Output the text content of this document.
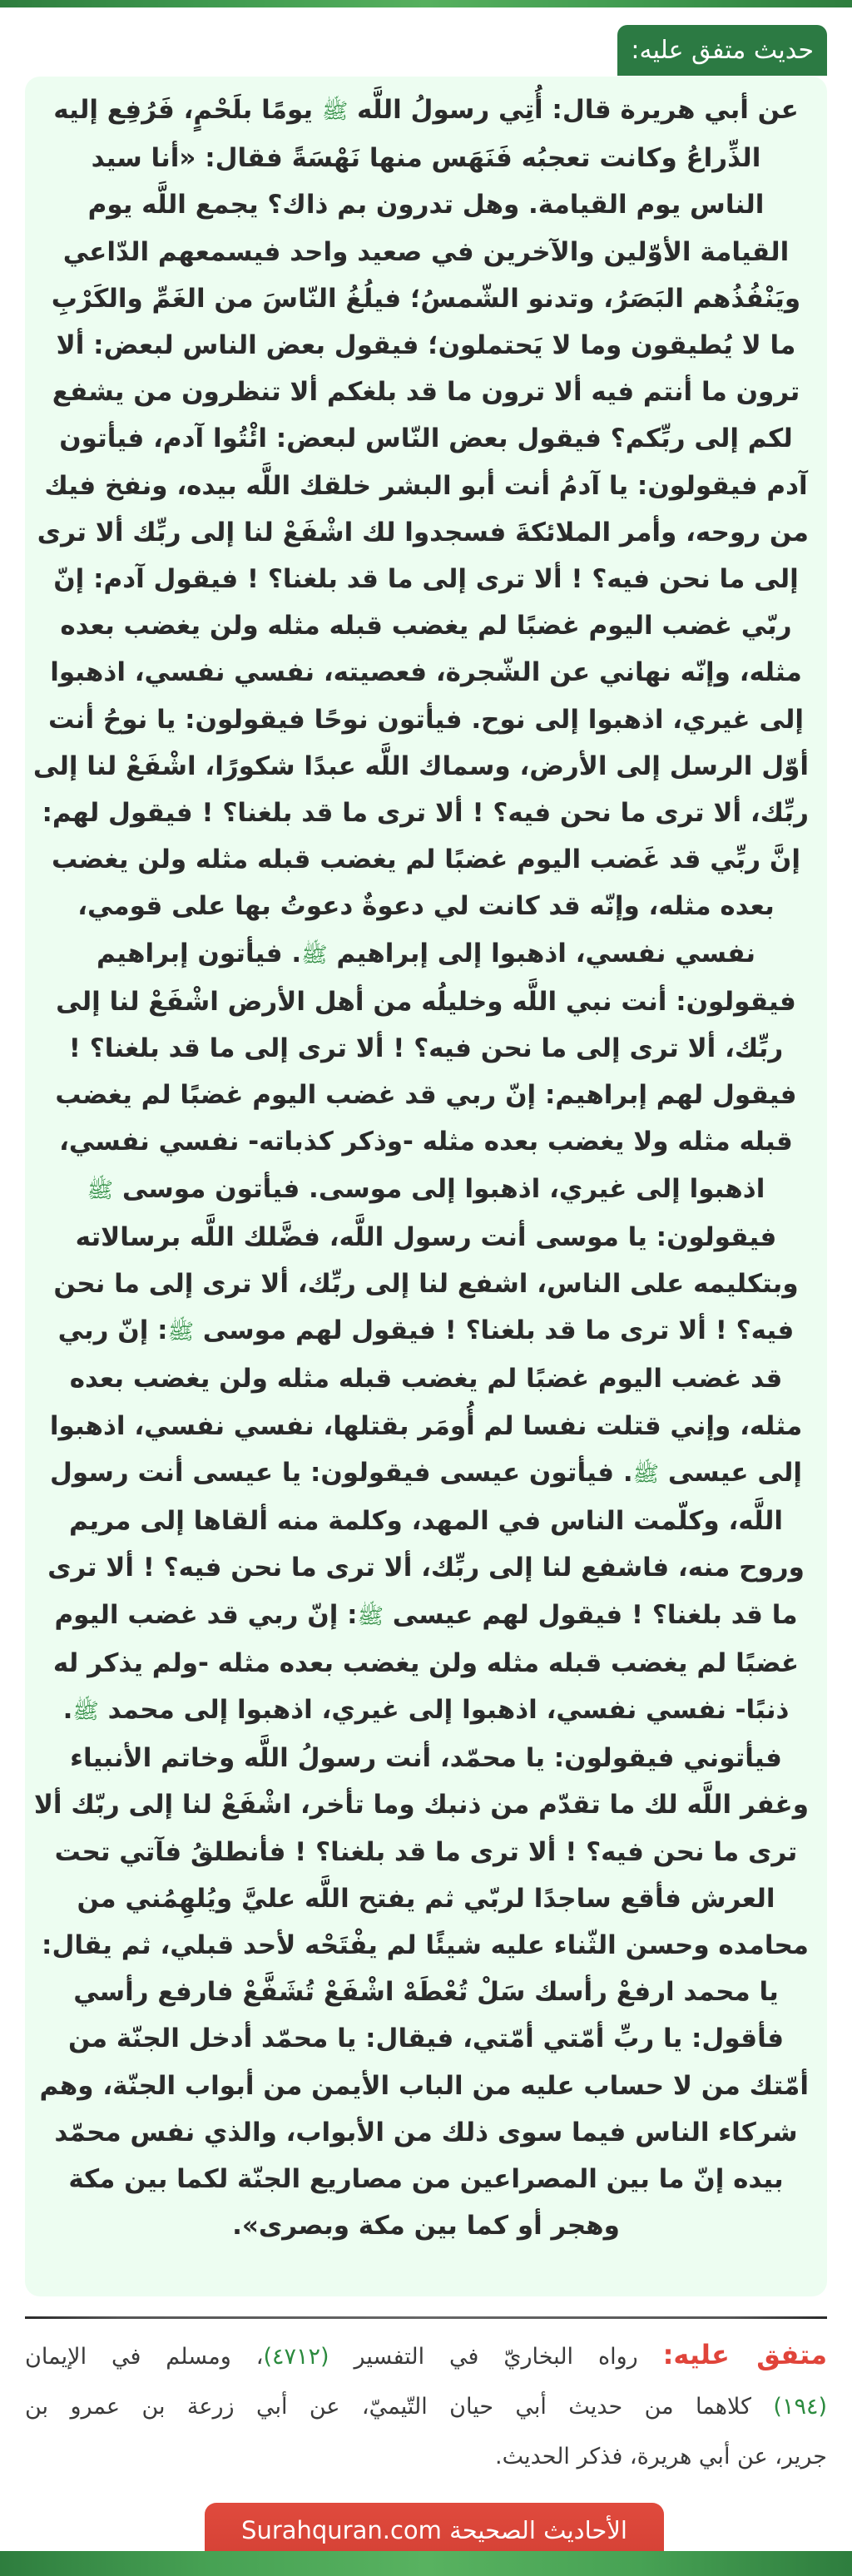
حديث متفق عليه:

عن أبي هريرة قال: أُتِي رسولُ اللَّه ﷺ يومًا بلَحْمٍ، فَرُفِع إليه
الذِّراعُ وكانت تعجبُه فَنَهَس منها نَهْسَةً فقال: «أنا سيد
الناس يوم القيامة. وهل تدرون بم ذاك؟ يجمع اللَّه يوم
القيامة الأوّلين والآخرين في صعيد واحد فيسمعهم الدّاعي
ويَنْفُذُهم البَصَرُ، وتدنو الشّمسُ؛ فيلُغُ النّاسَ من الغَمِّ والكَرْبِ
ما لا يُطيقون وما لا يَحتملون؛ فيقول بعض الناس لبعض: ألا
ترون ما أنتم فيه ألا ترون ما قد بلغكم ألا تنظرون من يشفع
لكم إلى ربِّكم؟ فيقول بعض النّاس لبعض: ائْتُوا آدم، فيأتون
آدم فيقولون: يا آدمُ أنت أبو البشر خلقك اللَّه بيده، ونفخ فيك
من روحه، وأمر الملائكةَ فسجدوا لك اشْفَعْ لنا إلى ربِّك ألا ترى
إلى ما نحن فيه؟ ! ألا ترى إلى ما قد بلغنا؟ ! فيقول آدم: إنّ
ربّي غضب اليوم غضبًا لم يغضب قبله مثله ولن يغضب بعده
مثله، وإنّه نهاني عن الشّجرة، فعصيته، نفسي نفسي، اذهبوا
إلى غيري، اذهبوا إلى نوح. فيأتون نوحًا فيقولون: يا نوحُ أنت
أوّل الرسل إلى الأرض، وسماك اللَّه عبدًا شكورًا، اشْفَعْ لنا إلى
ربِّك، ألا ترى ما نحن فيه؟ ! ألا ترى ما قد بلغنا؟ ! فيقول لهم:
إنَّ ربِّي قد غَضب اليوم غضبًا لم يغضب قبله مثله ولن يغضب
بعده مثله، وإنّه قد كانت لي دعوةٌ دعوتُ بها على قومي،
نفسي نفسي، اذهبوا إلى إبراهيم ﷺ. فيأتون إبراهيم
فيقولون: أنت نبي اللَّه وخليلُه من أهل الأرض اشْفَعْ لنا إلى
ربِّك، ألا ترى إلى ما نحن فيه؟ ! ألا ترى إلى ما قد بلغنا؟ !
فيقول لهم إبراهيم: إنّ ربي قد غضب اليوم غضبًا لم يغضب
قبله مثله ولا يغضب بعده مثله -وذكر كذباته- نفسي نفسي،
اذهبوا إلى غيري، اذهبوا إلى موسى. فيأتون موسى ﷺ
فيقولون: يا موسى أنت رسول اللَّه، فضَّلك اللَّه برسالاته
وبتكليمه على الناس، اشفع لنا إلى ربِّك، ألا ترى إلى ما نحن
فيه؟ ! ألا ترى ما قد بلغنا؟ ! فيقول لهم موسى ﷺ: إنّ ربي
قد غضب اليوم غضبًا لم يغضب قبله مثله ولن يغضب بعده
مثله، وإني قتلت نفسا لم أُومَر بقتلها، نفسي نفسي، اذهبوا
إلى عيسى ﷺ. فيأتون عيسى فيقولون: يا عيسى أنت رسول
اللَّه، وكلّمت الناس في المهد، وكلمة منه ألقاها إلى مريم
وروح منه، فاشفع لنا إلى ربِّك، ألا ترى ما نحن فيه؟ ! ألا ترى
ما قد بلغنا؟ ! فيقول لهم عيسى ﷺ: إنّ ربي قد غضب اليوم
غضبًا لم يغضب قبله مثله ولن يغضب بعده مثله -ولم يذكر له
ذنبًا- نفسي نفسي، اذهبوا إلى غيري، اذهبوا إلى محمد ﷺ.
فيأتوني فيقولون: يا محمّد، أنت رسولُ اللَّه وخاتم الأنبياء
وغفر اللَّه لك ما تقدّم من ذنبك وما تأخر، اشْفَعْ لنا إلى ربّك ألا
ترى ما نحن فيه؟ ! ألا ترى ما قد بلغنا؟ ! فأنطلقُ فآتي تحت
العرش فأقع ساجدًا لربّي ثم يفتح اللَّه عليَّ ويُلهِمُني من
محامده وحسن الثّناء عليه شيئًا لم يفْتَحْه لأحد قبلي، ثم يقال:
يا محمد ارفعْ رأسك سَلْ تُعْطَهْ اشْفَعْ تُشَفَّعْ فارفع رأسي
فأقول: يا ربِّ أمّتي أمّتي، فيقال: يا محمّد أدخل الجنّة من
أمّتك من لا حساب عليه من الباب الأيمن من أبواب الجنّة، وهم
شركاء الناس فيما سوى ذلك من الأبواب، والذي نفس محمّد
بيده إنّ ما بين المصراعين من مصاريع الجنّة لكما بين مكة
وهجر أو كما بين مكة وبصرى».

متفق عليه: رواه البخاريّ في التفسير (٤٧١٢)، ومسلم في الإيمان
(١٩٤) كلاهما من حديث أبي حيان التّيميّ، عن أبي زرعة بن عمرو بن
جرير، عن أبي هريرة، فذكر الحديث.
الأحاديث الصحيحة Surahquran.com
